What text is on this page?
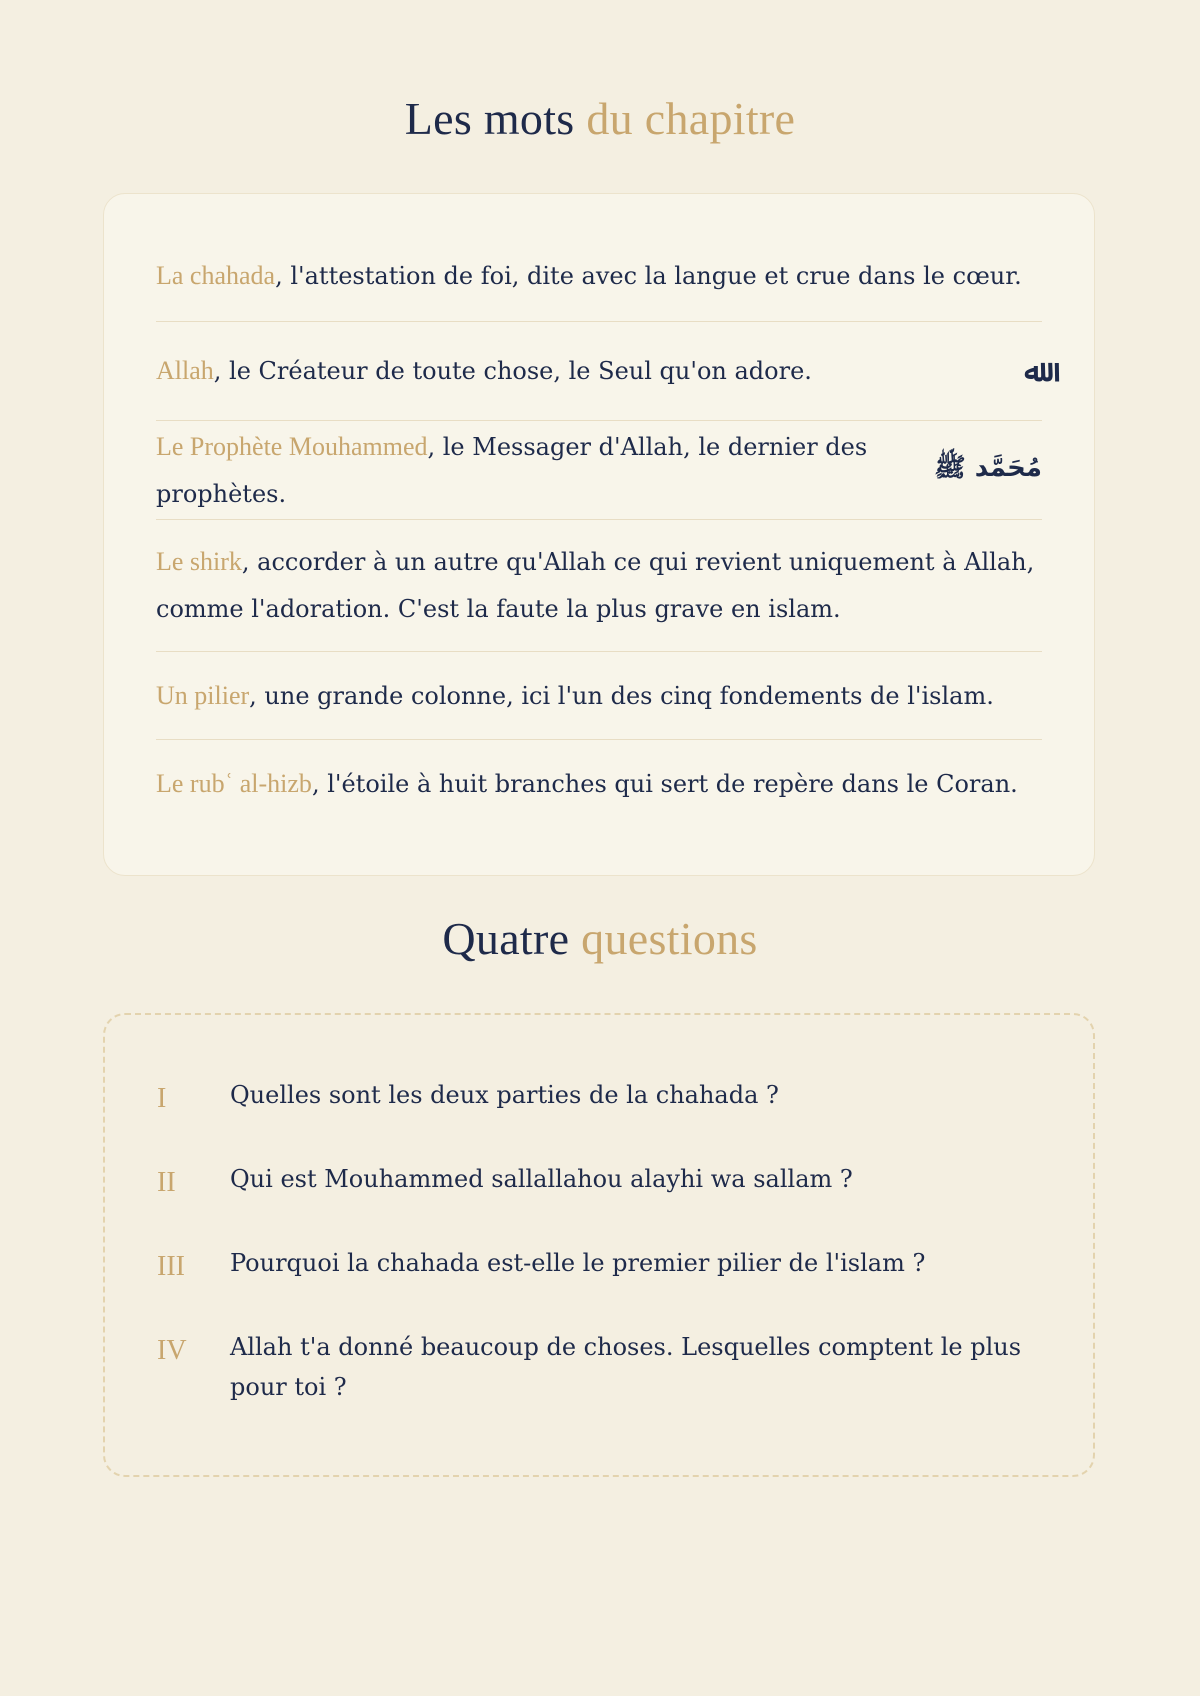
Les mots du chapitre
La chahada, l'attestation de foi, dite avec la langue et crue dans le cœur.
Allah, le Créateur de toute chose, le Seul qu'on adore.	ﷲ
Le Prophète Mouhammed, le Messager d'Allah, le dernier des prophètes.
مُحَمَّد ﷺ
Le shirk, accorder à un autre qu'Allah ce qui revient uniquement à Allah, comme l'adoration. C'est la faute la plus grave en islam.
Un pilier, une grande colonne, ici l'un des cinq fondements de l'islam.
Le rubʿ al-hizb, l'étoile à huit branches qui sert de repère dans le Coran.
Quatre questions
I	Quelles sont les deux parties de la chahada ?
II	Qui est Mouhammed sallallahou alayhi wa sallam ?
III	Pourquoi la chahada est-elle le premier pilier de l'islam ?
IV	Allah t'a donné beaucoup de choses. Lesquelles comptent le plus pour toi ?
